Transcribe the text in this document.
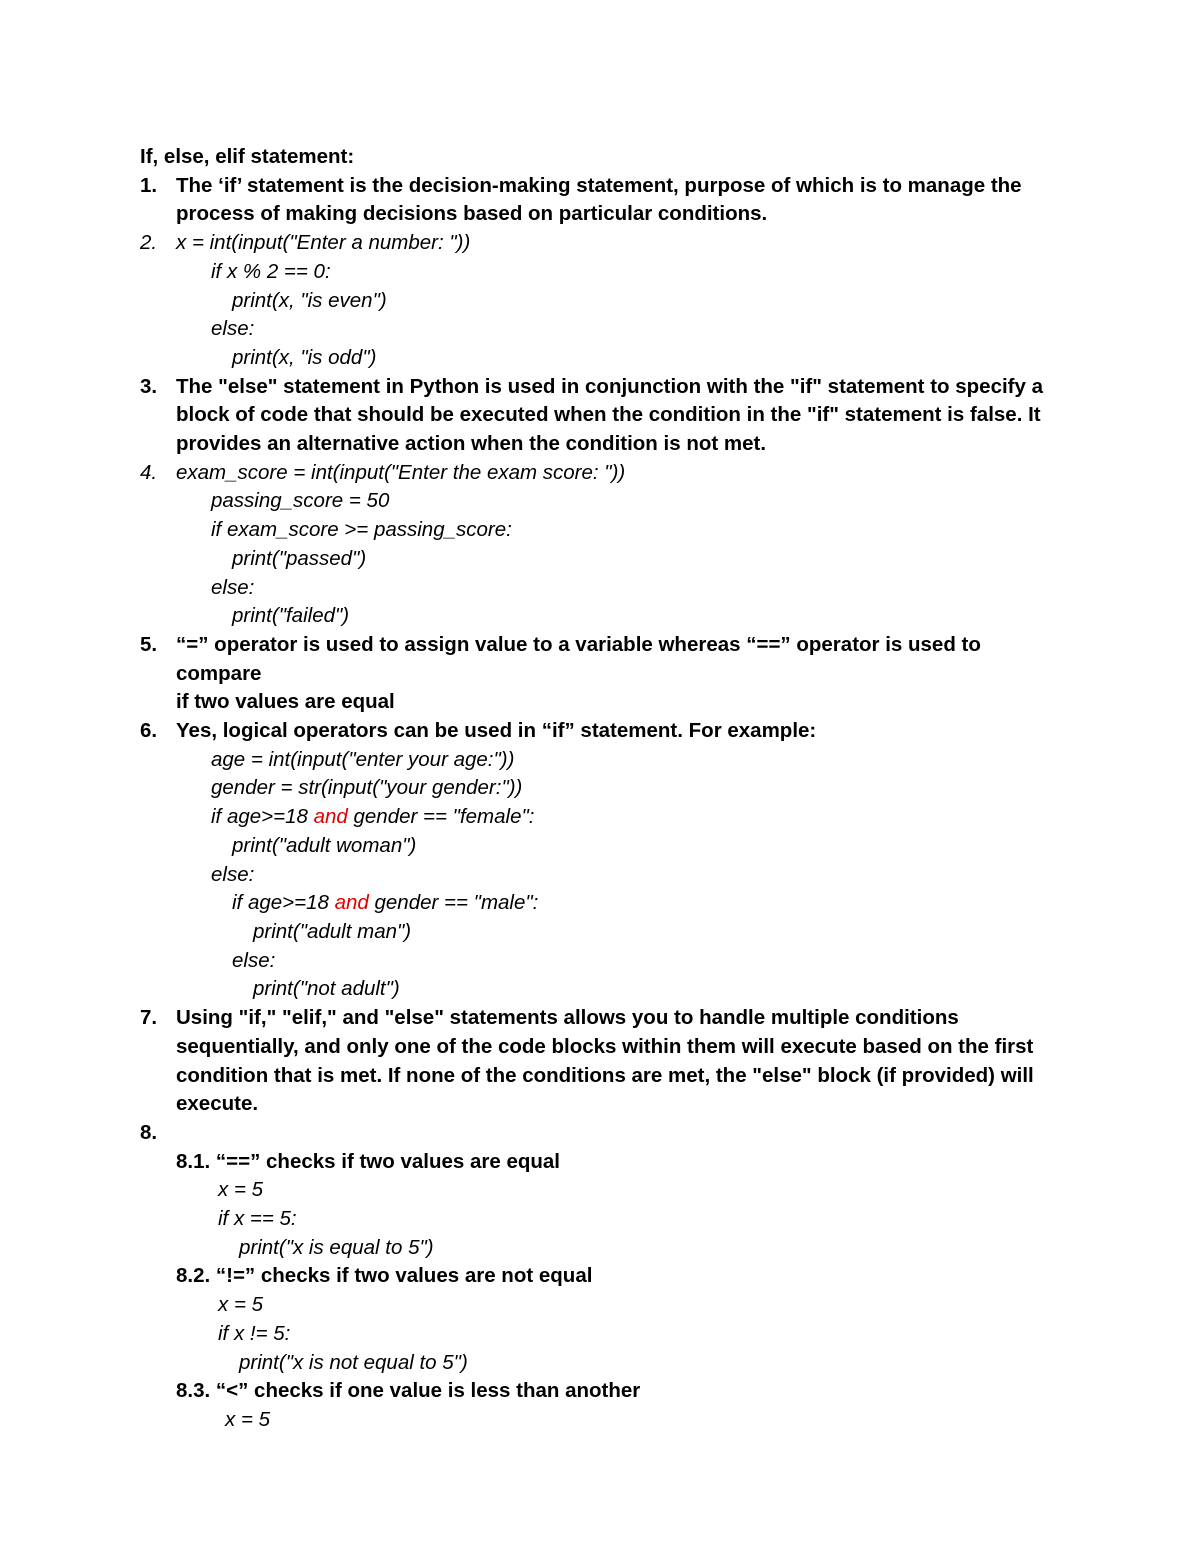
If, else, elif statement:
1. The ‘if’ statement is the decision-making statement, purpose of which is to manage the
process of making decisions based on particular conditions.
2. x = int(input("Enter a number: "))
if x % 2 == 0:
print(x, "is even")
else:
print(x, "is odd")
3. The "else" statement in Python is used in conjunction with the "if" statement to specify a
block of code that should be executed when the condition in the "if" statement is false. It
provides an alternative action when the condition is not met.
4. exam_score = int(input("Enter the exam score: "))
passing_score = 50
if exam_score >= passing_score:
print("passed")
else:
print("failed")
5. “=” operator is used to assign value to a variable whereas “==” operator is used to compare
if two values are equal
6. Yes, logical operators can be used in “if” statement. For example:
age = int(input("enter your age:"))
gender = str(input("your gender:"))
if age>=18 and gender == "female":
print("adult woman")
else:
if age>=18 and gender == "male":
print("adult man")
else:
print("not adult")
7. Using "if," "elif," and "else" statements allows you to handle multiple conditions
sequentially, and only one of the code blocks within them will execute based on the first
condition that is met. If none of the conditions are met, the "else" block (if provided) will
execute.
8.

8.1. “==” checks if two values are equal
x = 5
if x == 5:
print("x is equal to 5")
8.2. “!=” checks if two values are not equal
x = 5
if x != 5:
print("x is not equal to 5")
8.3. “<” checks if one value is less than another
x = 5
